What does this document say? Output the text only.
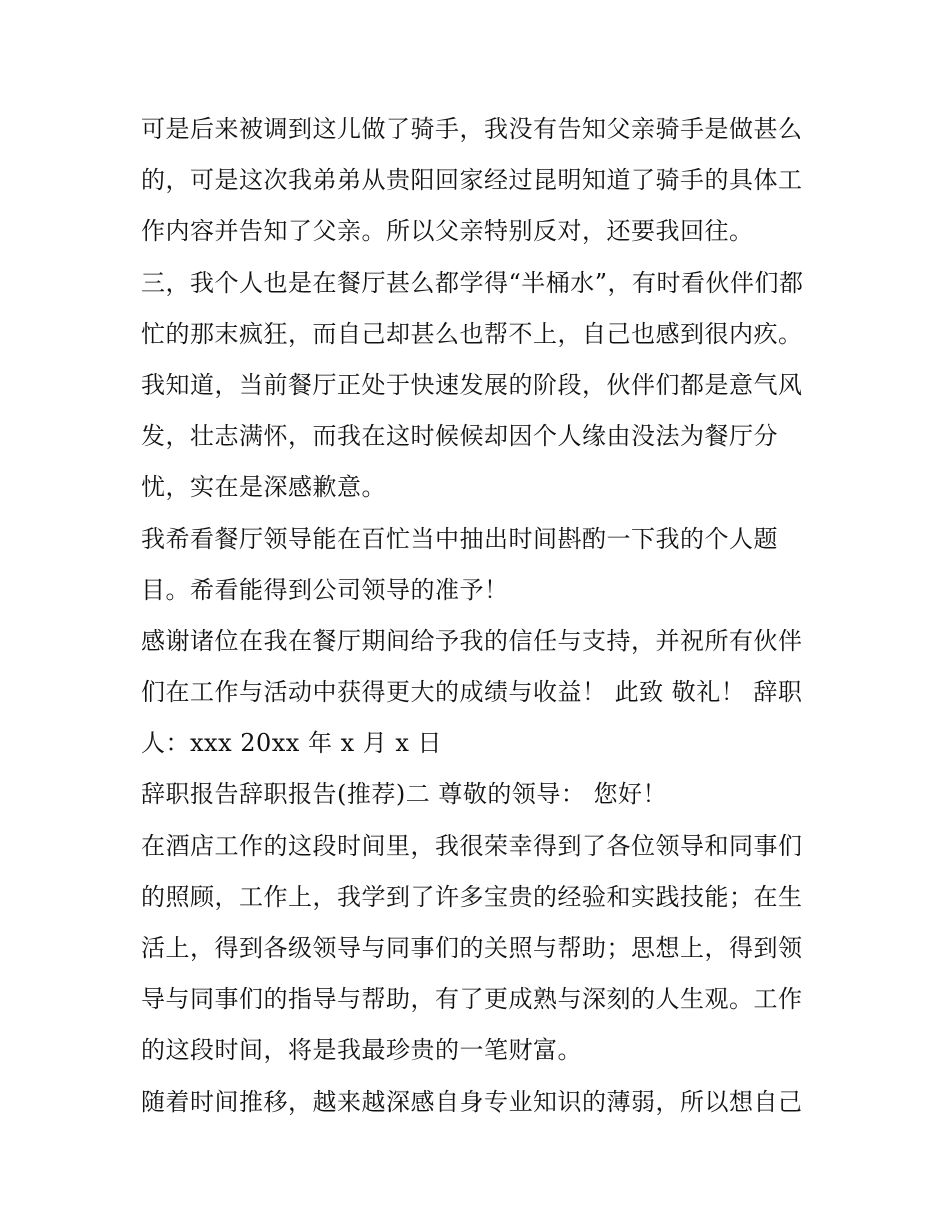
可是后来被调到这儿做了骑手，我没有告知父亲骑手是做甚么
的，可是这次我弟弟从贵阳回家经过昆明知道了骑手的具体工
作内容并告知了父亲。所以父亲特别反对，还要我回往。
三，我个人也是在餐厅甚么都学得“半桶水”，有时看伙伴们都
忙的那末疯狂，而自己却甚么也帮不上，自己也感到很内疚。
我知道，当前餐厅正处于快速发展的阶段，伙伴们都是意气风
发，壮志满怀，而我在这时候候却因个人缘由没法为餐厅分
忧，实在是深感歉意。
我希看餐厅领导能在百忙当中抽出时间斟酌一下我的个人题
目。希看能得到公司领导的准予！
感谢诸位在我在餐厅期间给予我的信任与支持，并祝所有伙伴
们在工作与活动中获得更大的成绩与收益！ 此致 敬礼！ 辞职
人：xxx 20xx 年 x 月 x 日
辞职报告辞职报告(推荐)二 尊敬的领导： 您好！
在酒店工作的这段时间里，我很荣幸得到了各位领导和同事们
的照顾，工作上，我学到了许多宝贵的经验和实践技能；在生
活上，得到各级领导与同事们的关照与帮助；思想上，得到领
导与同事们的指导与帮助，有了更成熟与深刻的人生观。工作
的这段时间，将是我最珍贵的一笔财富。
随着时间推移，越来越深感自身专业知识的薄弱，所以想自己
